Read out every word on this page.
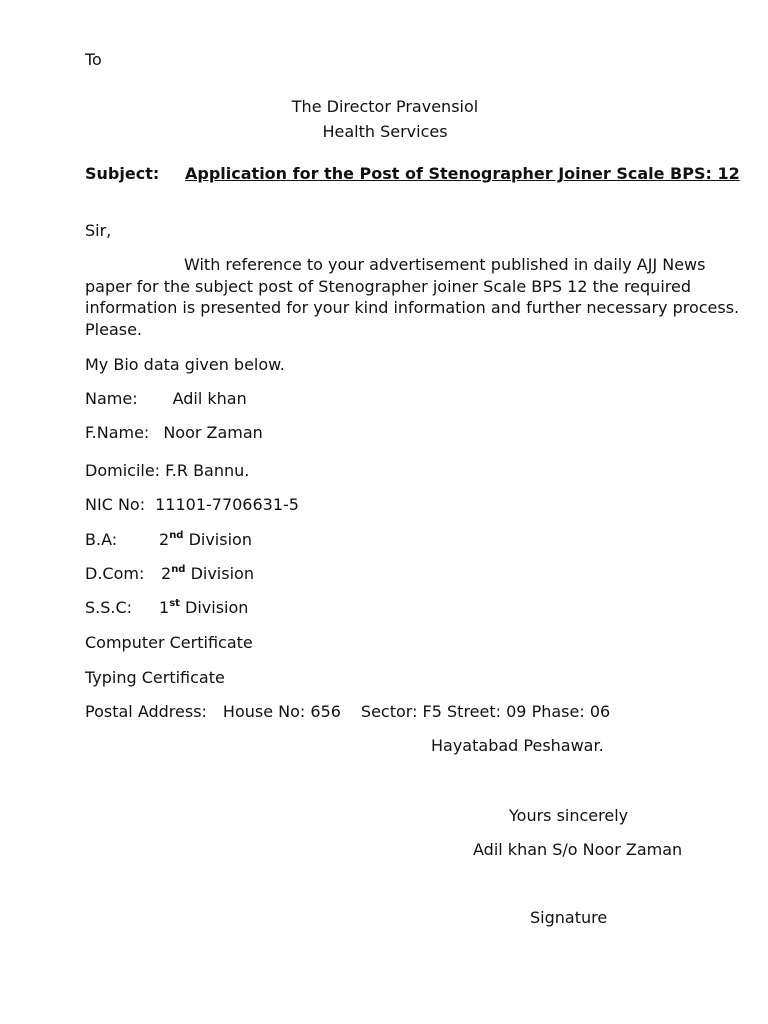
To
The Director Pravensiol
Health Services
Subject: Application for the Post of Stenographer Joiner Scale BPS: 12
Sir,
With reference to your advertisement published in daily AJJ News paper for the subject post of Stenographer joiner Scale BPS 12 the required information is presented for your kind information and further necessary process. Please.
My Bio data given below.
Name: Adil khan
F.Name: Noor Zaman
Domicile: F.R Bannu.
NIC No: 11101-7706631-5
B.A:	2nd Division
D.Com: 2nd Division
S.S.C: 1st Division
Computer Certificate
Typing Certificate
Postal Address: House No: 656 Sector: F5 Street: 09 Phase: 06
Hayatabad Peshawar.
Yours sincerely
Adil khan S/o Noor Zaman
Signature
